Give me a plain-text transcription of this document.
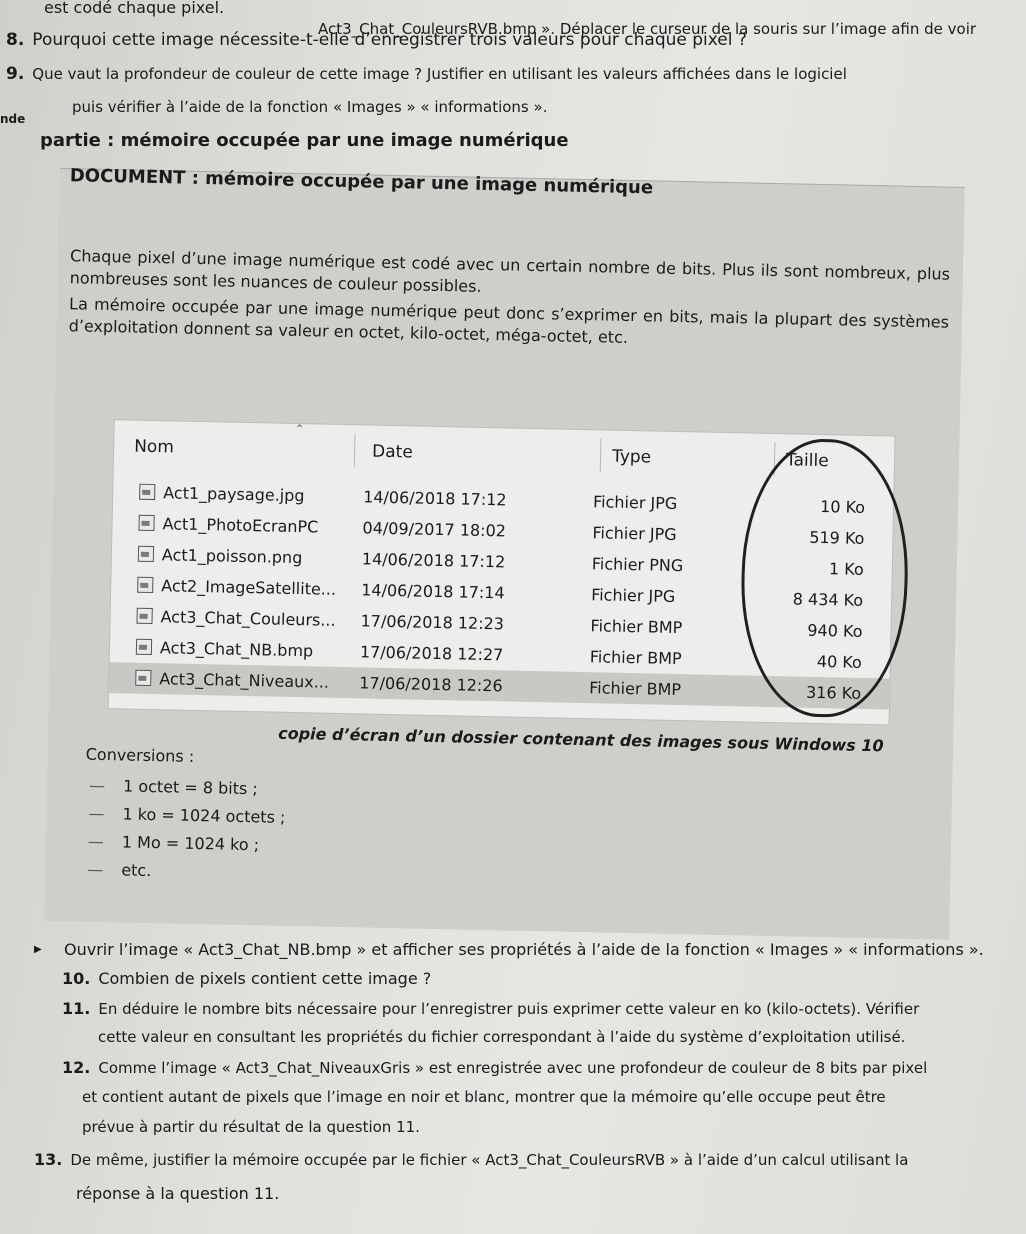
est codé chaque pixel.
Act3_Chat_CouleursRVB.bmp ». Déplacer le curseur de la souris sur l’image afin de voir
8. Pourquoi cette image nécessite-t-elle d’enregistrer trois valeurs pour chaque pixel ?
9. Que vaut la profondeur de couleur de cette image ? Justifier en utilisant les valeurs affichées dans le logiciel
puis vérifier à l’aide de la fonction « Images » « informations ».
nde
partie : mémoire occupée par une image numérique
DOCUMENT : mémoire occupée par une image numérique
Chaque pixel d’une image numérique est codé avec un certain nombre de bits. Plus ils sont nombreux, plus nombreuses sont les nuances de couleur possibles.
La mémoire occupée par une image numérique peut donc s’exprimer en bits, mais la plupart des systèmes d’exploitation donnent sa valeur en octet, kilo-octet, méga-octet, etc.
⌃
Nom	Date	Type	Taille
Act1_paysage.jpg	14/06/2018 17:12	Fichier JPG	10 Ko
Act1_PhotoEcranPC	04/09/2017 18:02	Fichier JPG	519 Ko
Act1_poisson.png	14/06/2018 17:12	Fichier PNG	1 Ko
Act2_ImageSatellite... 14/06/2018 17:14	Fichier JPG	8 434 Ko
Act3_Chat_Couleurs... 17/06/2018 12:23	Fichier BMP	940 Ko
Act3_Chat_NB.bmp	17/06/2018 12:27	Fichier BMP	40 Ko
Act3_Chat_Niveaux... 17/06/2018 12:26	Fichier BMP	316 Ko
copie d’écran d’un dossier contenant des images sous Windows 10
Conversions :
— 1 octet = 8 bits ;
— 1 ko = 1024 octets ;
— 1 Mo = 1024 ko ;
— etc.
▶ Ouvrir l’image « Act3_Chat_NB.bmp » et afficher ses propriétés à l’aide de la fonction « Images » « informations ».
10. Combien de pixels contient cette image ?
11. En déduire le nombre bits nécessaire pour l’enregistrer puis exprimer cette valeur en ko (kilo-octets). Vérifier
cette valeur en consultant les propriétés du fichier correspondant à l’aide du système d’exploitation utilisé.
12. Comme l’image « Act3_Chat_NiveauxGris » est enregistrée avec une profondeur de couleur de 8 bits par pixel
et contient autant de pixels que l’image en noir et blanc, montrer que la mémoire qu’elle occupe peut être
prévue à partir du résultat de la question 11.
13. De même, justifier la mémoire occupée par le fichier « Act3_Chat_CouleursRVB » à l’aide d’un calcul utilisant la
réponse à la question 11.
